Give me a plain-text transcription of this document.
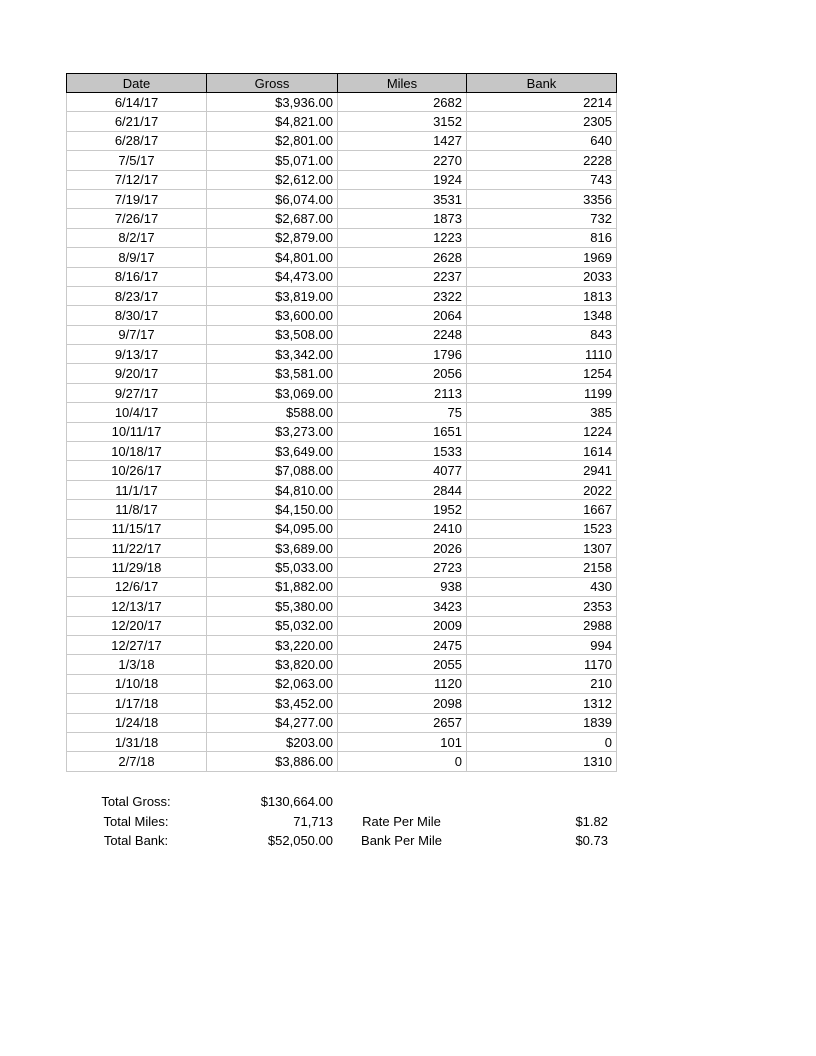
Date	Gross	Miles	Bank
6/14/17	$3,936.00	2682	2214
6/21/17	$4,821.00	3152	2305
6/28/17	$2,801.00	1427	640
7/5/17	$5,071.00	2270	2228
7/12/17	$2,612.00	1924	743
7/19/17	$6,074.00	3531	3356
7/26/17	$2,687.00	1873	732
8/2/17	$2,879.00	1223	816
8/9/17	$4,801.00	2628	1969
8/16/17	$4,473.00	2237	2033
8/23/17	$3,819.00	2322	1813
8/30/17	$3,600.00	2064	1348
9/7/17	$3,508.00	2248	843
9/13/17	$3,342.00	1796	1110
9/20/17	$3,581.00	2056	1254
9/27/17	$3,069.00	2113	1199
10/4/17	$588.00	75	385
10/11/17	$3,273.00	1651	1224
10/18/17	$3,649.00	1533	1614
10/26/17	$7,088.00	4077	2941
11/1/17	$4,810.00	2844	2022
11/8/17	$4,150.00	1952	1667
11/15/17	$4,095.00	2410	1523
11/22/17	$3,689.00	2026	1307
11/29/18	$5,033.00	2723	2158
12/6/17	$1,882.00	938	430
12/13/17	$5,380.00	3423	2353
12/20/17	$5,032.00	2009	2988
12/27/17	$3,220.00	2475	994
1/3/18	$3,820.00	2055	1170
1/10/18	$2,063.00	1120	210
1/17/18	$3,452.00	2098	1312
1/24/18	$4,277.00	2657	1839
1/31/18	$203.00	101	0
2/7/18	$3,886.00	0	1310
Total Gross:	$130,664.00
Total Miles:	71,713	Rate Per Mile	$1.82
Total Bank:	$52,050.00	Bank Per Mile	$0.73
